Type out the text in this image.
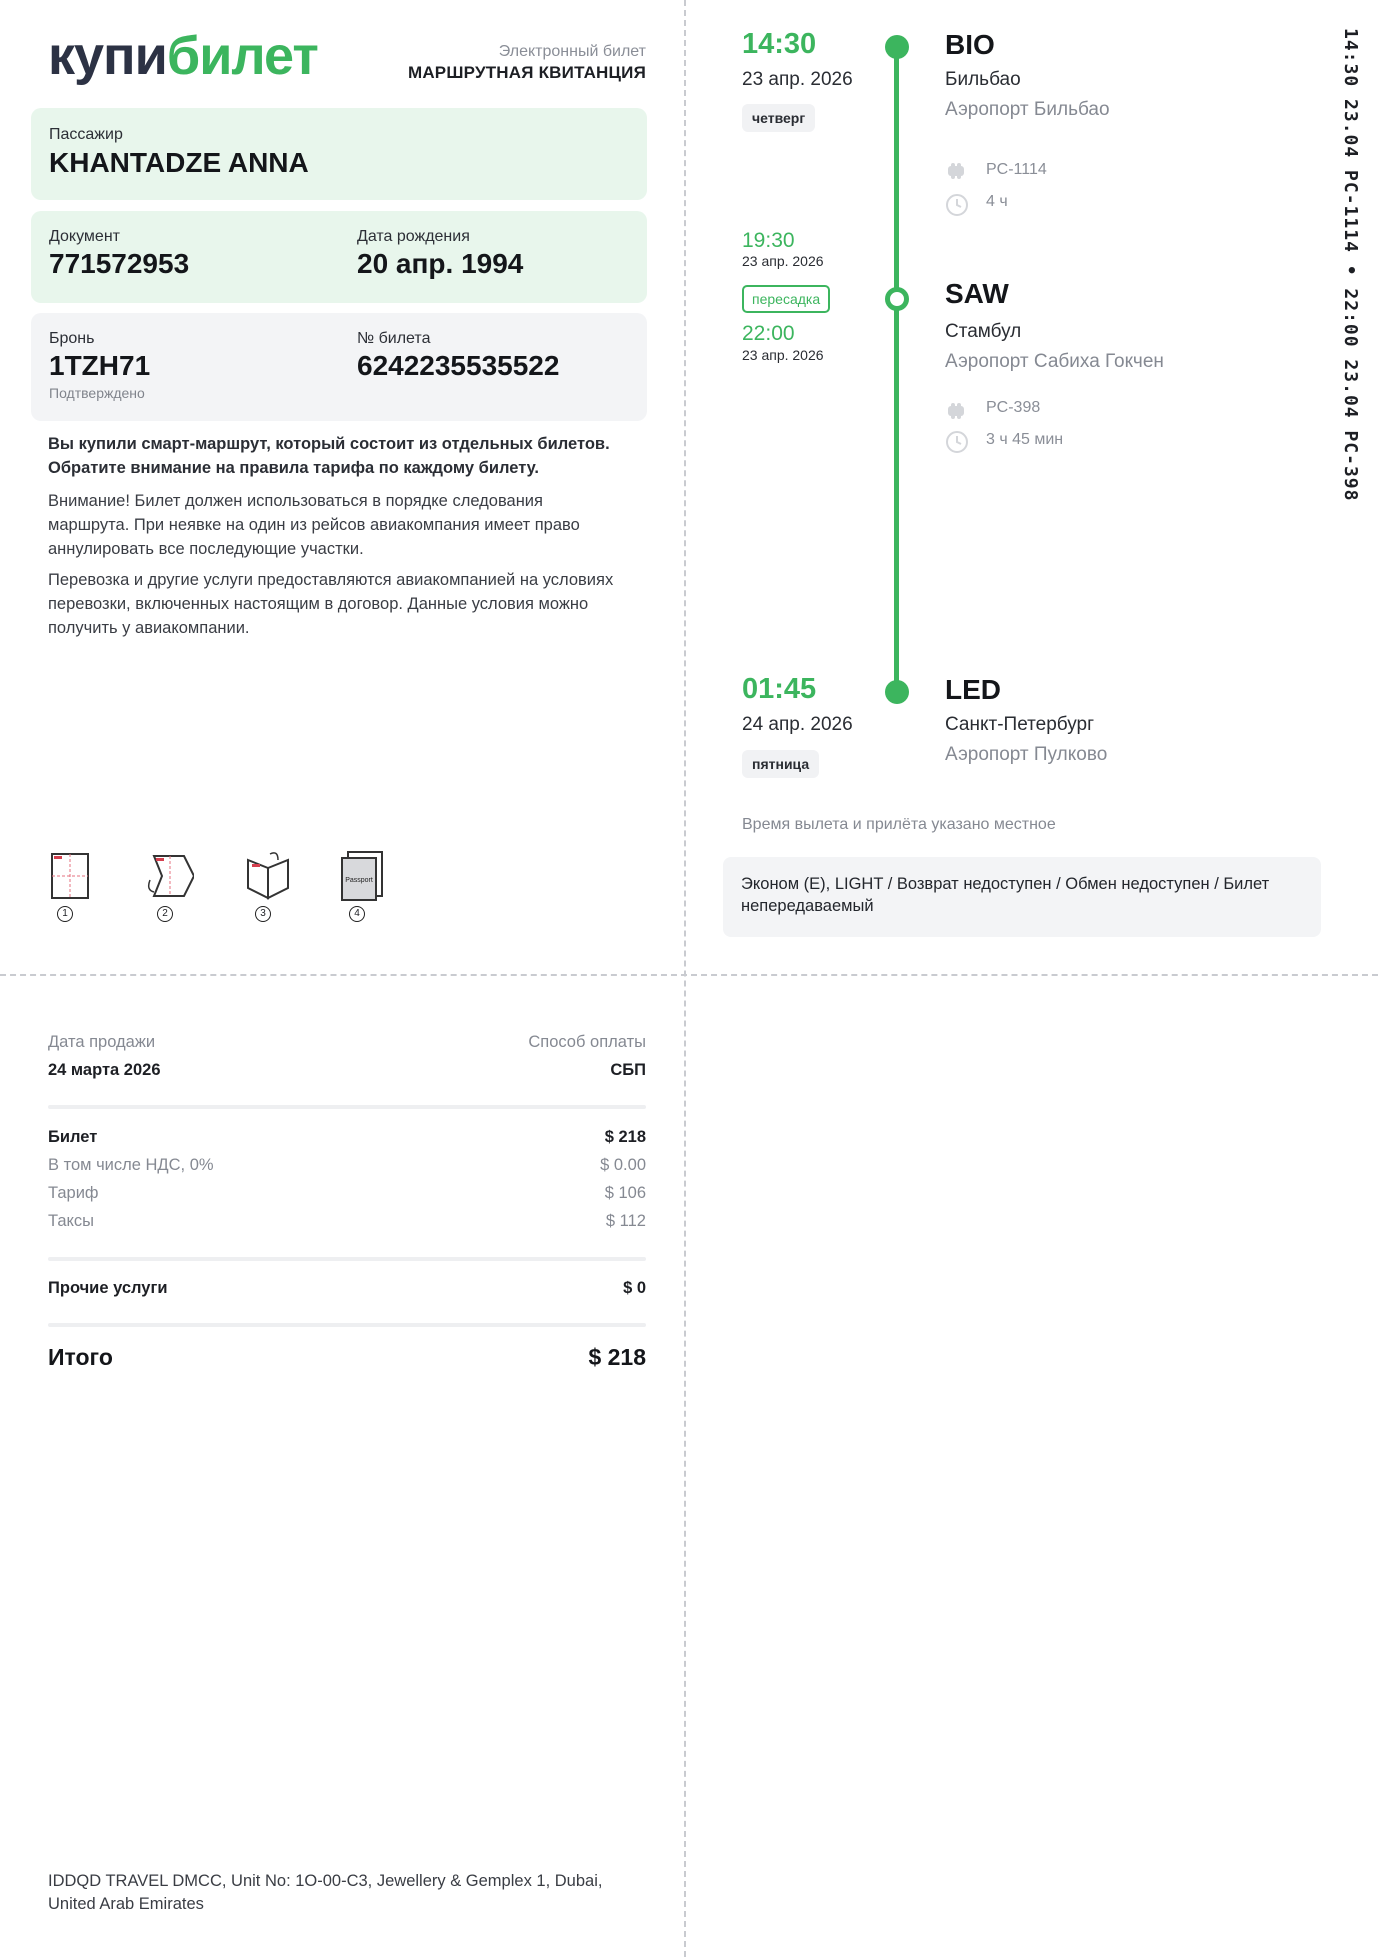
купибилет	Электронный билет
МАРШРУТНАЯ КВИТАНЦИЯ
Пассажир
KHANTADZE ANNA
Документ
771572953
Дата рождения
20 апр. 1994
Бронь
1TZH71
Подтверждено
№ билета
6242235535522
Вы купили смарт-маршрут, который состоит из отдельных билетов. Обратите внимание на правила тарифа по каждому билету.
Внимание! Билет должен использоваться в порядке следования маршрута. При неявке на один из рейсов авиакомпания имеет право аннулировать все последующие участки.
Перевозка и другие услуги предоставляются авиакомпанией на условиях перевозки, включенных настоящим в договор. Данные условия можно получить у авиакомпании.
1	2	3
Passport
4
14:30
23 апр. 2026
четверг
BIO
Бильбао
Аэропорт Бильбао
PC-1114
4 ч
19:30
23 апр. 2026
пересадка
22:00
23 апр. 2026
SAW
Стамбул
Аэропорт Сабиха Гокчен
PC-398
3 ч 45 мин
01:45
24 апр. 2026
пятница
LED
Санкт-Петербург
Аэропорт Пулково
Время вылета и прилёта указано местное
Эконом (E), LIGHT / Возврат недоступен / Обмен недоступен / Билет непередаваемый
14:30 23.04 PC-1114 • 22:00 23.04 PC-398
Дата продажи	Способ оплаты
24 марта 2026	СБП
Билет	$ 218
В том числе НДС, 0%	$ 0.00
Тариф	$ 106
Таксы	$ 112
Прочие услуги	$ 0
Итого	$ 218
IDDQD TRAVEL DMCC, Unit No: 1O-00-C3, Jewellery & Gemplex 1, Dubai, United Arab Emirates
